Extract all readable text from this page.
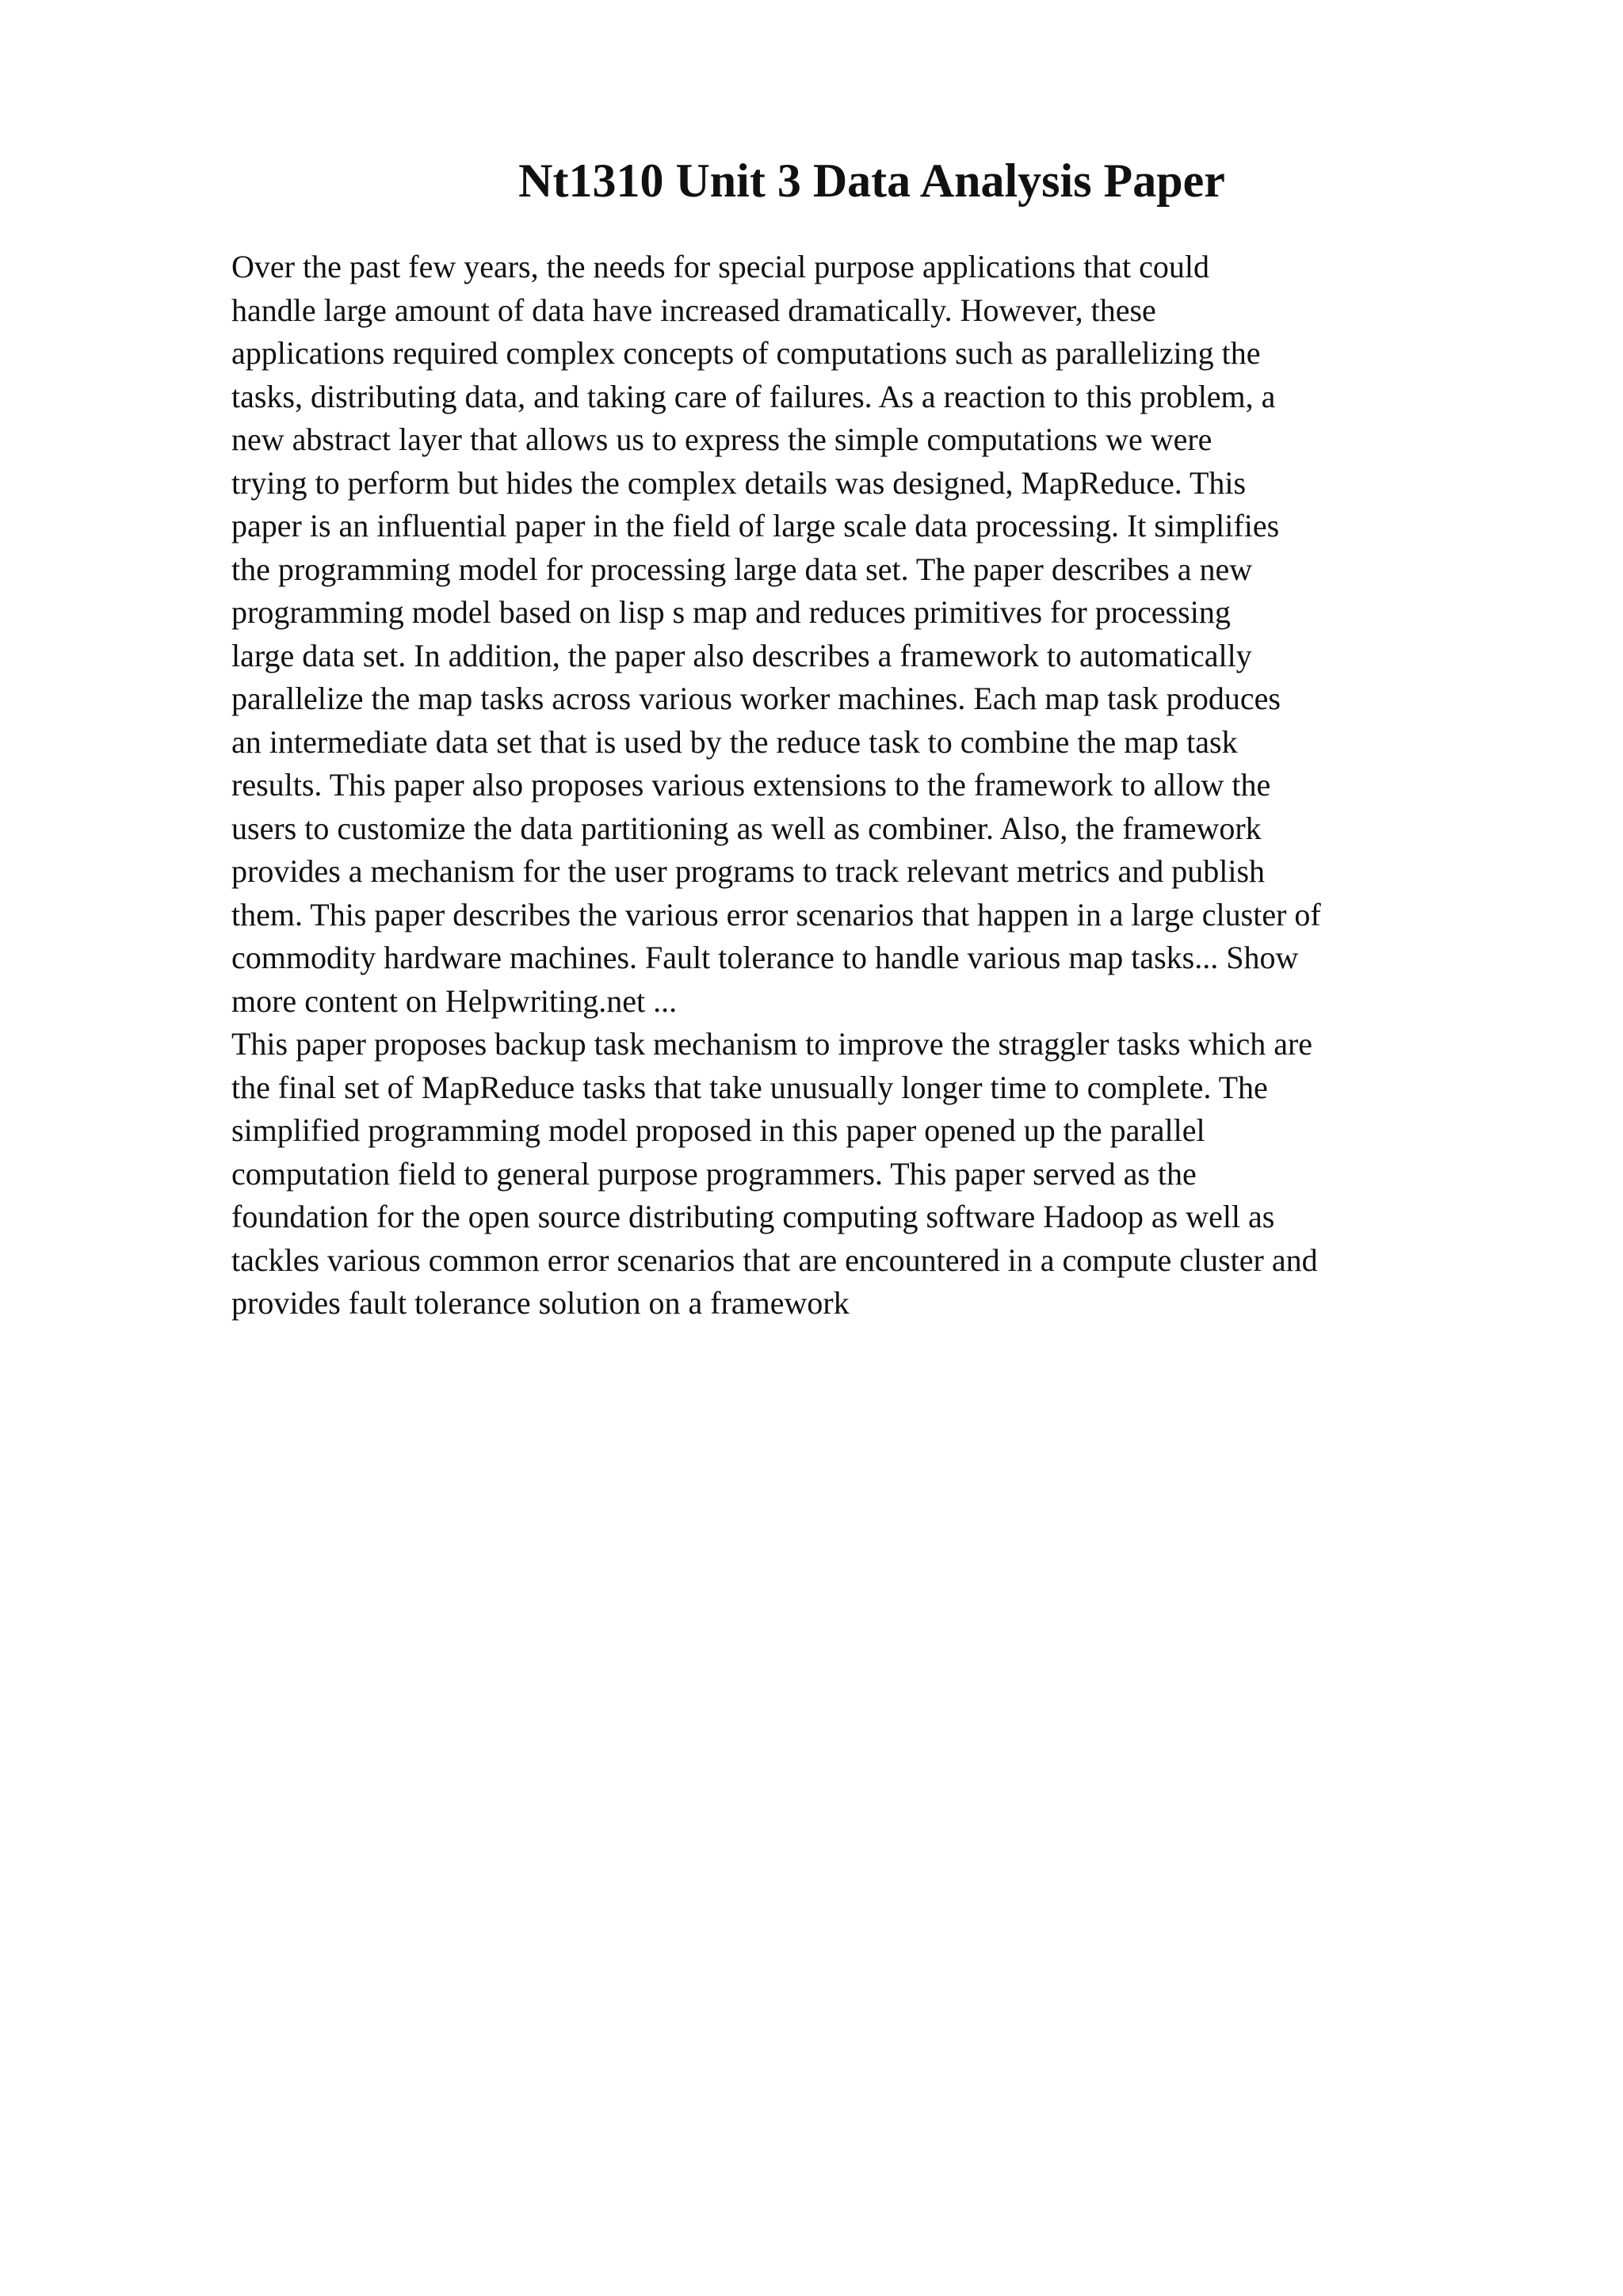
Nt1310 Unit 3 Data Analysis Paper

Over the past few years, the needs for special purpose applications that could
handle large amount of data have increased dramatically. However, these
applications required complex concepts of computations such as parallelizing the
tasks, distributing data, and taking care of failures. As a reaction to this problem, a
new abstract layer that allows us to express the simple computations we were
trying to perform but hides the complex details was designed, MapReduce. This
paper is an influential paper in the field of large scale data processing. It simplifies
the programming model for processing large data set. The paper describes a new
programming model based on lisp s map and reduces primitives for processing
large data set. In addition, the paper also describes a framework to automatically
parallelize the map tasks across various worker machines. Each map task produces
an intermediate data set that is used by the reduce task to combine the map task
results. This paper also proposes various extensions to the framework to allow the
users to customize the data partitioning as well as combiner. Also, the framework
provides a mechanism for the user programs to track relevant metrics and publish
them. This paper describes the various error scenarios that happen in a large cluster of
commodity hardware machines. Fault tolerance to handle various map tasks... Show
more content on Helpwriting.net ...

This paper proposes backup task mechanism to improve the straggler tasks which are
the final set of MapReduce tasks that take unusually longer time to complete. The
simplified programming model proposed in this paper opened up the parallel
computation field to general purpose programmers. This paper served as the
foundation for the open source distributing computing software Hadoop as well as
tackles various common error scenarios that are encountered in a compute cluster and
provides fault tolerance solution on a framework
